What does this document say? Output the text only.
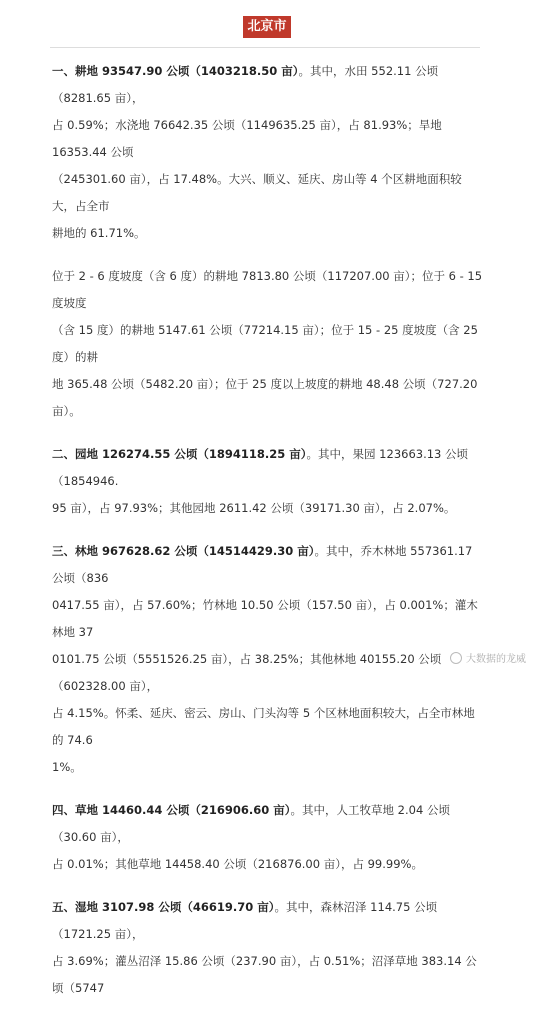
北京市

一、耕地 93547.90 公顷（1403218.50 亩）。其中，水田 552.11 公顷（8281.65 亩），
占 0.59%；水浇地 76642.35 公顷（1149635.25 亩），占 81.93%；旱地 16353.44 公顷
（245301.60 亩），占 17.48%。大兴、顺义、延庆、房山等 4 个区耕地面积较大，占全市
耕地的 61.71%。

位于 2 - 6 度坡度（含 6 度）的耕地 7813.80 公顷（117207.00 亩）；位于 6 - 15 度坡度
（含 15 度）的耕地 5147.61 公顷（77214.15 亩）；位于 15 - 25 度坡度（含 25 度）的耕
地 365.48 公顷（5482.20 亩）；位于 25 度以上坡度的耕地 48.48 公顷（727.20 亩）。

二、园地 126274.55 公顷（1894118.25 亩）。其中，果园 123663.13 公顷（1854946.
95 亩），占 97.93%；其他园地 2611.42 公顷（39171.30 亩），占 2.07%。

三、林地 967628.62 公顷（14514429.30 亩）。其中，乔木林地 557361.17 公顷（836
0417.55 亩），占 57.60%；竹林地 10.50 公顷（157.50 亩），占 0.001%；灌木林地 37
0101.75 公顷（5551526.25 亩），占 38.25%；其他林地 40155.20 公顷（602328.00 亩），
占 4.15%。怀柔、延庆、密云、房山、门头沟等 5 个区林地面积较大，占全市林地的 74.6
1%。

四、草地 14460.44 公顷（216906.60 亩）。其中，人工牧草地 2.04 公顷（30.60 亩），
占 0.01%；其他草地 14458.40 公顷（216876.00 亩），占 99.99%。

五、湿地 3107.98 公顷（46619.70 亩）。其中，森林沼泽 114.75 公顷（1721.25 亩），
占 3.69%；灌丛沼泽 15.86 公顷（237.90 亩），占 0.51%；沼泽草地 383.14 公顷（5747

大数据的龙威
